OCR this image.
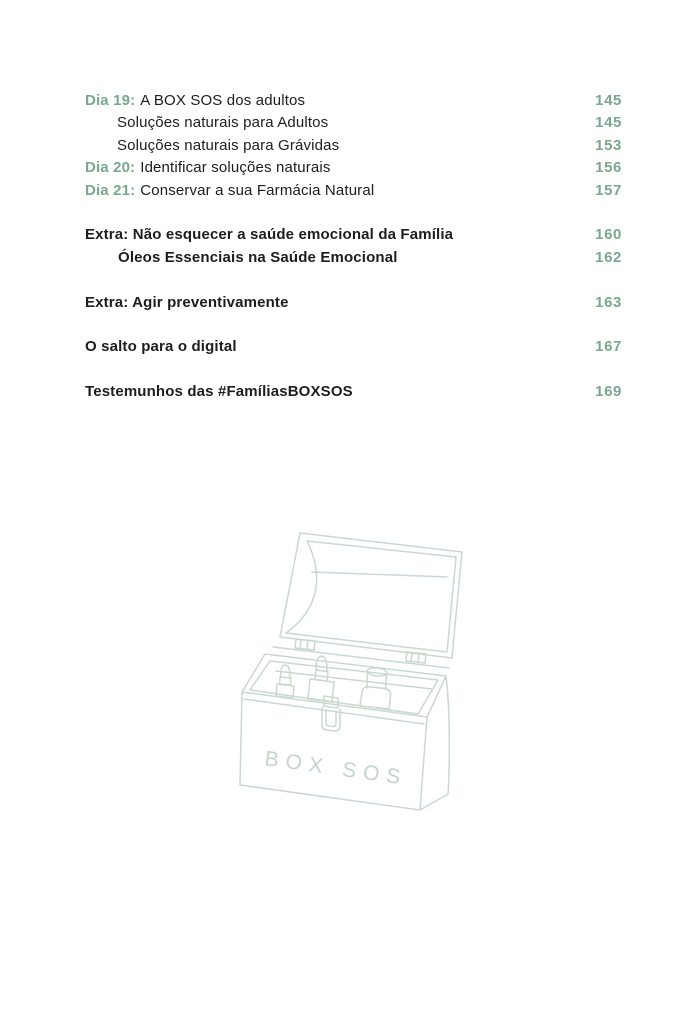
Dia 19: A BOX SOS dos adultos	145
Soluções naturais para Adultos	145
Soluções naturais para Grávidas	153
Dia 20: Identificar soluções naturais	156
Dia 21: Conservar a sua Farmácia Natural	157
Extra: Não esquecer a saúde emocional da Família	160
Óleos Essenciais na Saúde Emocional	162
Extra: Agir preventivamente	163
O salto para o digital	167
Testemunhos das #FamíliasBOXSOS	169
BOX SOS
